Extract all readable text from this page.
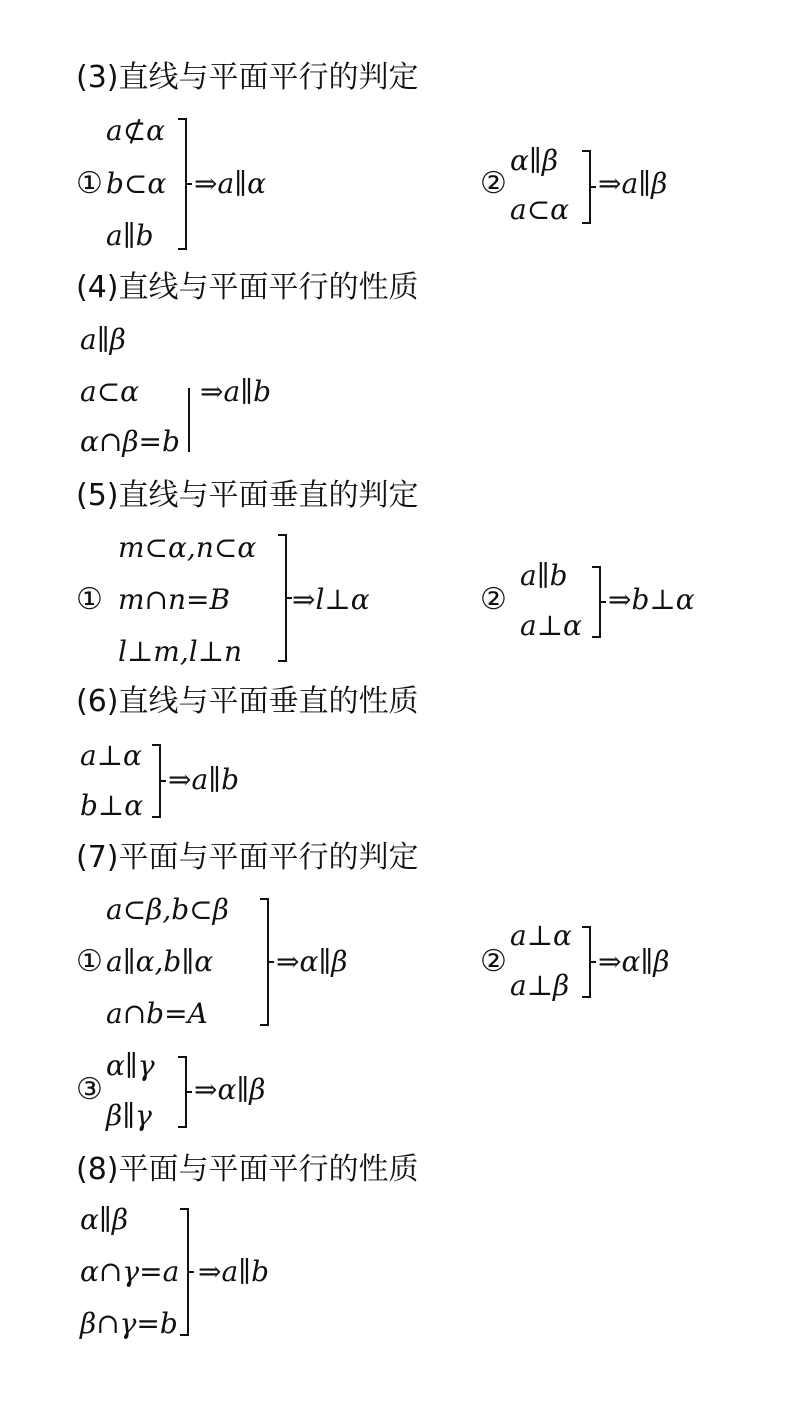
(3)直线与平面平行的判定
①
a⊄α
b⊂α
a∥b
⇒a∥α	②
α∥β
a⊂α
⇒a∥β
(4)直线与平面平行的性质
a∥β
a⊂α
α∩β=b
⇒a∥b
(5)直线与平面垂直的判定
①
m⊂α,n⊂α
m∩n=B
l⊥m,l⊥n
⇒l⊥α	②
a∥b
a⊥α
⇒b⊥α
(6)直线与平面垂直的性质
a⊥α
b⊥α
⇒a∥b
(7)平面与平面平行的判定
①
a⊂β,b⊂β
a∥α,b∥α
a∩b=A
⇒α∥β	②
a⊥α
a⊥β
⇒α∥β
③
α∥γ
β∥γ
⇒α∥β
(8)平面与平面平行的性质
α∥β
α∩γ=a
β∩γ=b
⇒a∥b
